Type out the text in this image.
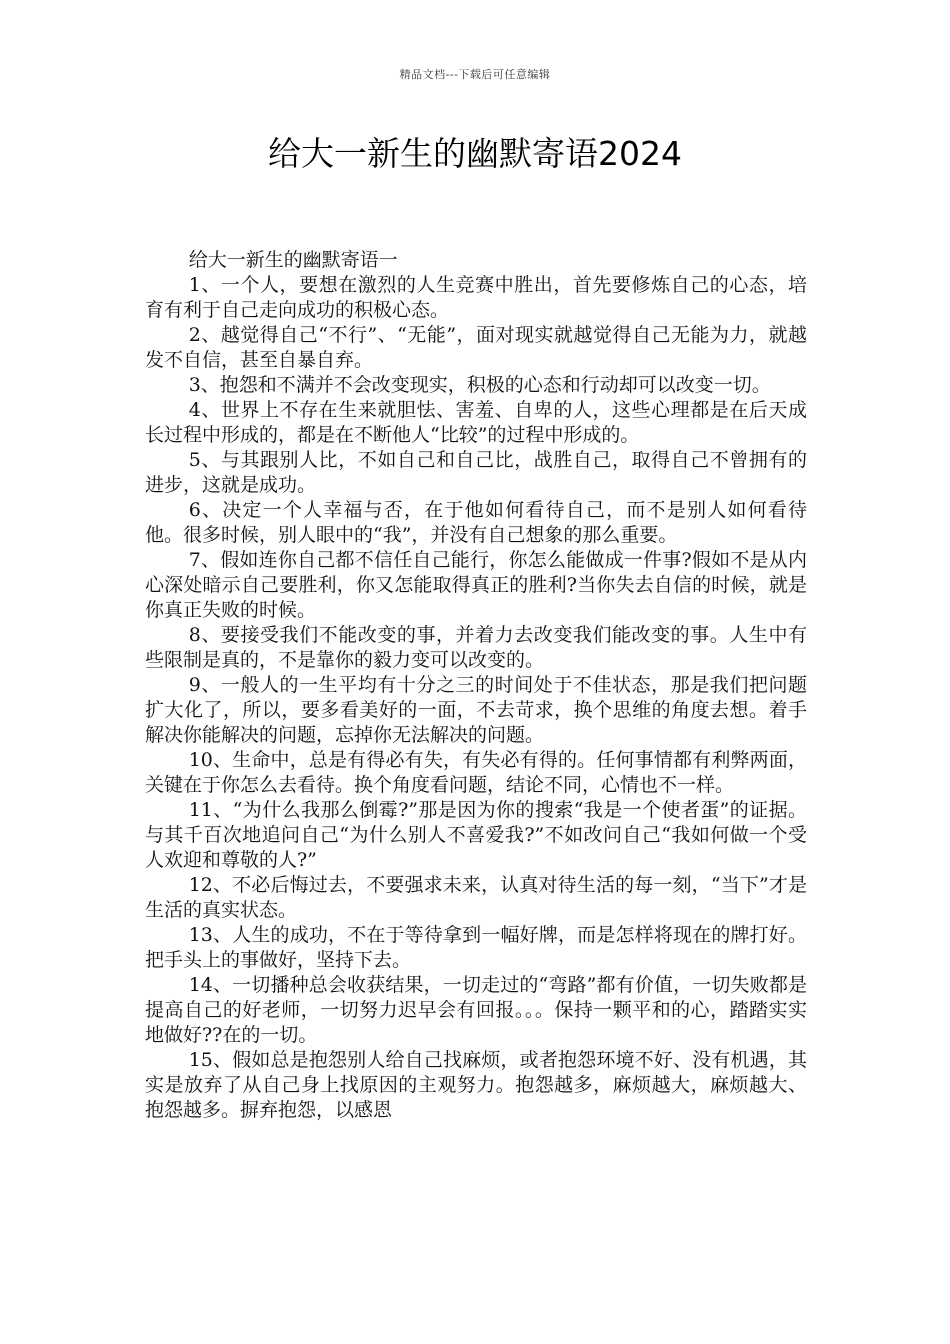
精品文档---下载后可任意编辑
给大一新生的幽默寄语2024

给大一新生的幽默寄语一

1、一个人，要想在激烈的人生竞赛中胜出，首先要修炼自己的心态，培育有利于自己走向成功的积极心态。

2、越觉得自己“不行”、“无能”，面对现实就越觉得自己无能为力，就越发不自信，甚至自暴自弃。

3、抱怨和不满并不会改变现实，积极的心态和行动却可以改变一切。

4、世界上不存在生来就胆怯、害羞、自卑的人，这些心理都是在后天成长过程中形成的，都是在不断他人“比较”的过程中形成的。

5、与其跟别人比，不如自己和自己比，战胜自己，取得自己不曾拥有的进步，这就是成功。

6、决定一个人幸福与否，在于他如何看待自己，而不是别人如何看待他。很多时候，别人眼中的“我”，并没有自己想象的那么重要。

7、假如连你自己都不信任自己能行，你怎么能做成一件事?假如不是从内心深处暗示自己要胜利，你又怎能取得真正的胜利?当你失去自信的时候，就是你真正失败的时候。

8、要接受我们不能改变的事，并着力去改变我们能改变的事。人生中有些限制是真的，不是靠你的毅力变可以改变的。

9、一般人的一生平均有十分之三的时间处于不佳状态，那是我们把问题扩大化了，所以，要多看美好的一面，不去苛求，换个思维的角度去想。着手解决你能解决的问题，忘掉你无法解决的问题。

10、生命中，总是有得必有失，有失必有得的。任何事情都有利弊两面，关键在于你怎么去看待。换个角度看问题，结论不同，心情也不一样。

11、“为什么我那么倒霉?”那是因为你的搜索“我是一个使者蛋”的证据。与其千百次地追问自己“为什么别人不喜爱我?”不如改问自己“我如何做一个受人欢迎和尊敬的人?”

12、不必后悔过去，不要强求未来，认真对待生活的每一刻，“当下”才是生活的真实状态。

13、人生的成功，不在于等待拿到一幅好牌，而是怎样将现在的牌打好。把手头上的事做好，坚持下去。

14、一切播种总会收获结果，一切走过的“弯路”都有价值，一切失败都是提高自己的好老师，一切努力迟早会有回报。。。保持一颗平和的心，踏踏实实地做好??在的一切。

15、假如总是抱怨别人给自己找麻烦，或者抱怨环境不好、没有机遇，其实是放弃了从自己身上找原因的主观努力。抱怨越多，麻烦越大，麻烦越大、抱怨越多。摒弃抱怨，以感恩
